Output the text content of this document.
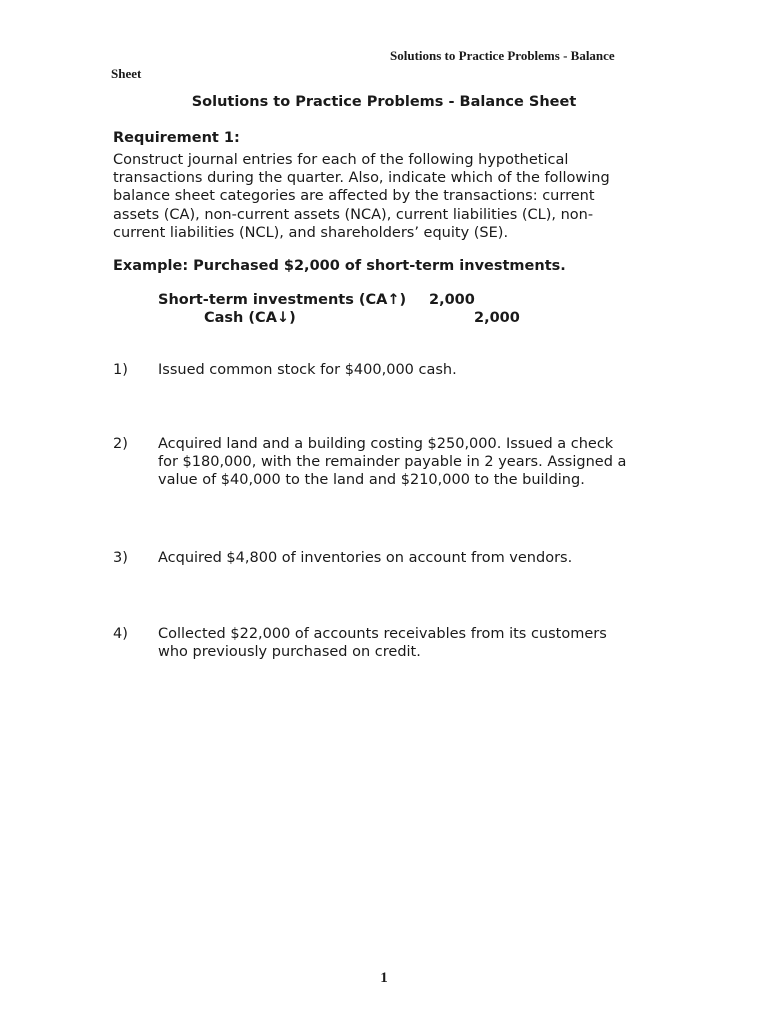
Solutions to Practice Problems - Balance
Sheet
Solutions to Practice Problems - Balance Sheet
Requirement 1:
Construct journal entries for each of the following hypothetical
transactions during the quarter. Also, indicate which of the following
balance sheet categories are affected by the transactions: current
assets (CA), non-current assets (NCA), current liabilities (CL), non-
current liabilities (NCL), and shareholders’ equity (SE).
Example: Purchased $2,000 of short-term investments.
Short-term investments (CA↑) 2,000
Cash (CA↓)	2,000
1)	Issued common stock for $400,000 cash.
2)	Acquired land and a building costing $250,000. Issued a check
for $180,000, with the remainder payable in 2 years. Assigned a
value of $40,000 to the land and $210,000 to the building.
3)	Acquired $4,800 of inventories on account from vendors.
4)	Collected $22,000 of accounts receivables from its customers
who previously purchased on credit.
1
